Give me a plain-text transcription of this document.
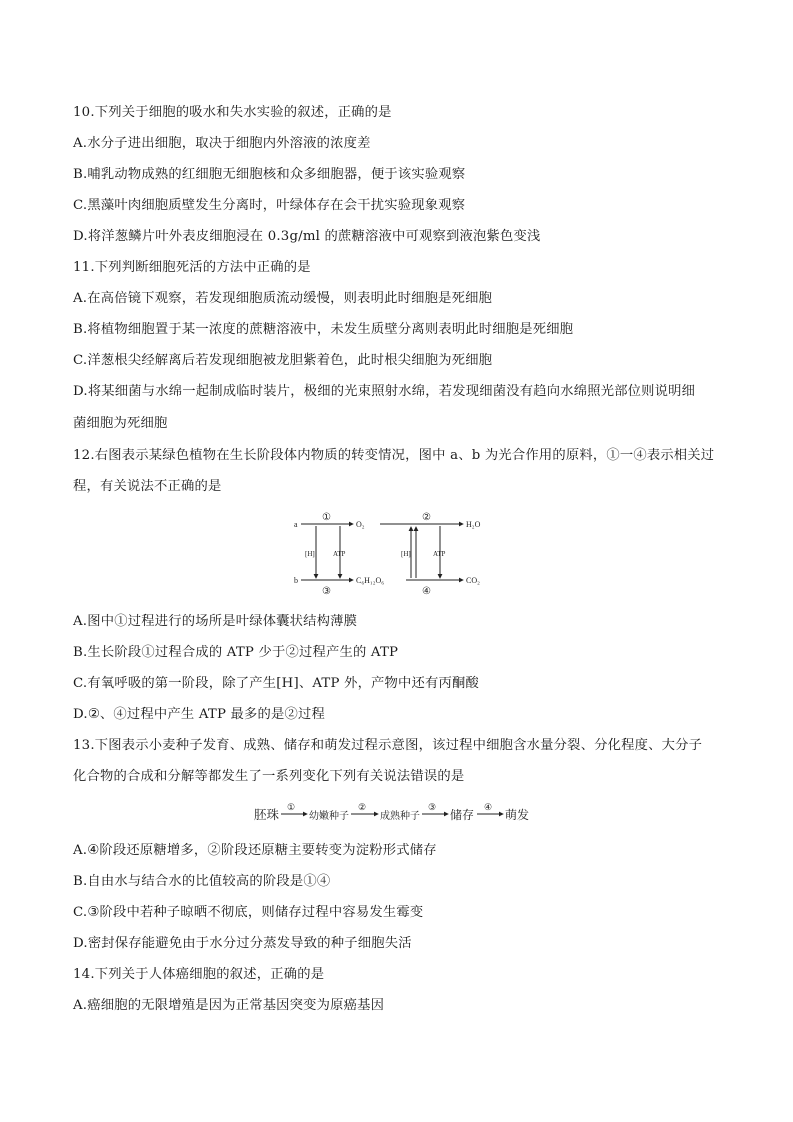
10.下列关于细胞的吸水和失水实验的叙述，正确的是
A.水分子进出细胞，取决于细胞内外溶液的浓度差
B.哺乳动物成熟的红细胞无细胞核和众多细胞器，便于该实验观察
C.黑藻叶肉细胞质壁发生分离时，叶绿体存在会干扰实验现象观察
D.将洋葱鳞片叶外表皮细胞浸在 0.3g/ml 的蔗糖溶液中可观察到液泡紫色变浅
11.下列判断细胞死活的方法中正确的是
A.在高倍镜下观察，若发现细胞质流动缓慢，则表明此时细胞是死细胞
B.将植物细胞置于某一浓度的蔗糖溶液中，未发生质壁分离则表明此时细胞是死细胞
C.洋葱根尖经解离后若发现细胞被龙胆紫着色，此时根尖细胞为死细胞
D.将某细菌与水绵一起制成临时装片，极细的光束照射水绵，若发现细菌没有趋向水绵照光部位则说明细
菌细胞为死细胞
12.右图表示某绿色植物在生长阶段体内物质的转变情况，图中 a、b 为光合作用的原料，①一④表示相关过
程，有关说法不正确的是
a
b
O₂	H₂O
C₆H₁₂O₆	CO₂
①	②
③	④
[H]	ATP	[H]	ATP
A.图中①过程进行的场所是叶绿体囊状结构薄膜
B.生长阶段①过程合成的 ATP 少于②过程产生的 ATP
C.有氧呼吸的第一阶段，除了产生[H]、ATP 外，产物中还有丙酮酸
D.②、④过程中产生 ATP 最多的是②过程
13.下图表示小麦种子发育、成熟、储存和萌发过程示意图，该过程中细胞含水量分裂、分化程度、大分子
化合物的合成和分解等都发生了一系列变化下列有关说法错误的是
胚珠	幼嫩种子	成熟种子	储存	萌发
①	②	③	④
A.④阶段还原糖增多，②阶段还原糖主要转变为淀粉形式储存
B.自由水与结合水的比值较高的阶段是①④
C.③阶段中若种子晾晒不彻底，则储存过程中容易发生霉变
D.密封保存能避免由于水分过分蒸发导致的种子细胞失活
14.下列关于人体癌细胞的叙述，正确的是
A.癌细胞的无限增殖是因为正常基因突变为原癌基因
